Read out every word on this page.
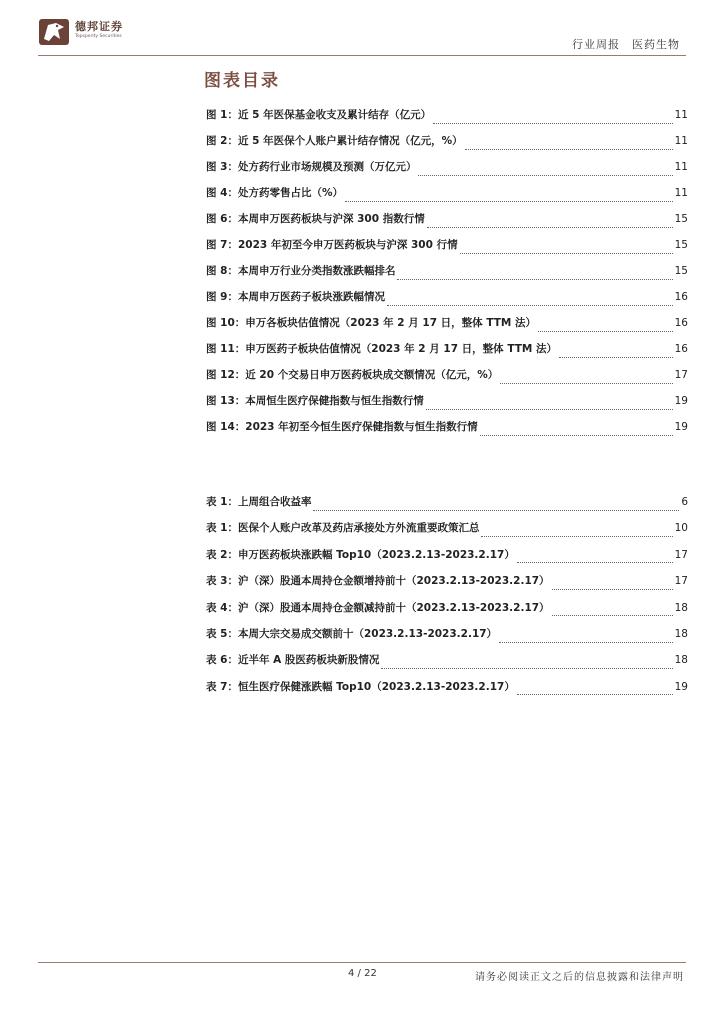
德邦证券
Topsperity Securities
行业周报 医药生物
图表目录
图 1：近 5 年医保基金收支及累计结存（亿元）	11
图 2：近 5 年医保个人账户累计结存情况（亿元，%）	11
图 3：处方药行业市场规模及预测（万亿元）	11
图 4：处方药零售占比（%）	11
图 6：本周申万医药板块与沪深 300 指数行情	15
图 7：2023 年初至今申万医药板块与沪深 300 行情	15
图 8：本周申万行业分类指数涨跌幅排名	15
图 9：本周申万医药子板块涨跌幅情况	16
图 10：申万各板块估值情况（2023 年 2 月 17 日，整体 TTM 法）	16
图 11：申万医药子板块估值情况（2023 年 2 月 17 日，整体 TTM 法）	16
图 12：近 20 个交易日申万医药板块成交额情况（亿元，%）	17
图 13：本周恒生医疗保健指数与恒生指数行情	19
图 14：2023 年初至今恒生医疗保健指数与恒生指数行情	19
表 1：上周组合收益率	6
表 1：医保个人账户改革及药店承接处方外流重要政策汇总	10
表 2：申万医药板块涨跌幅 Top10（2023.2.13-2023.2.17）	17
表 3：沪（深）股通本周持仓金额增持前十（2023.2.13-2023.2.17）	17
表 4：沪（深）股通本周持仓金额减持前十（2023.2.13-2023.2.17）	18
表 5：本周大宗交易成交额前十（2023.2.13-2023.2.17）	18
表 6：近半年 A 股医药板块新股情况	18
表 7：恒生医疗保健涨跌幅 Top10（2023.2.13-2023.2.17）	19
4 / 22	请务必阅读正文之后的信息披露和法律声明
